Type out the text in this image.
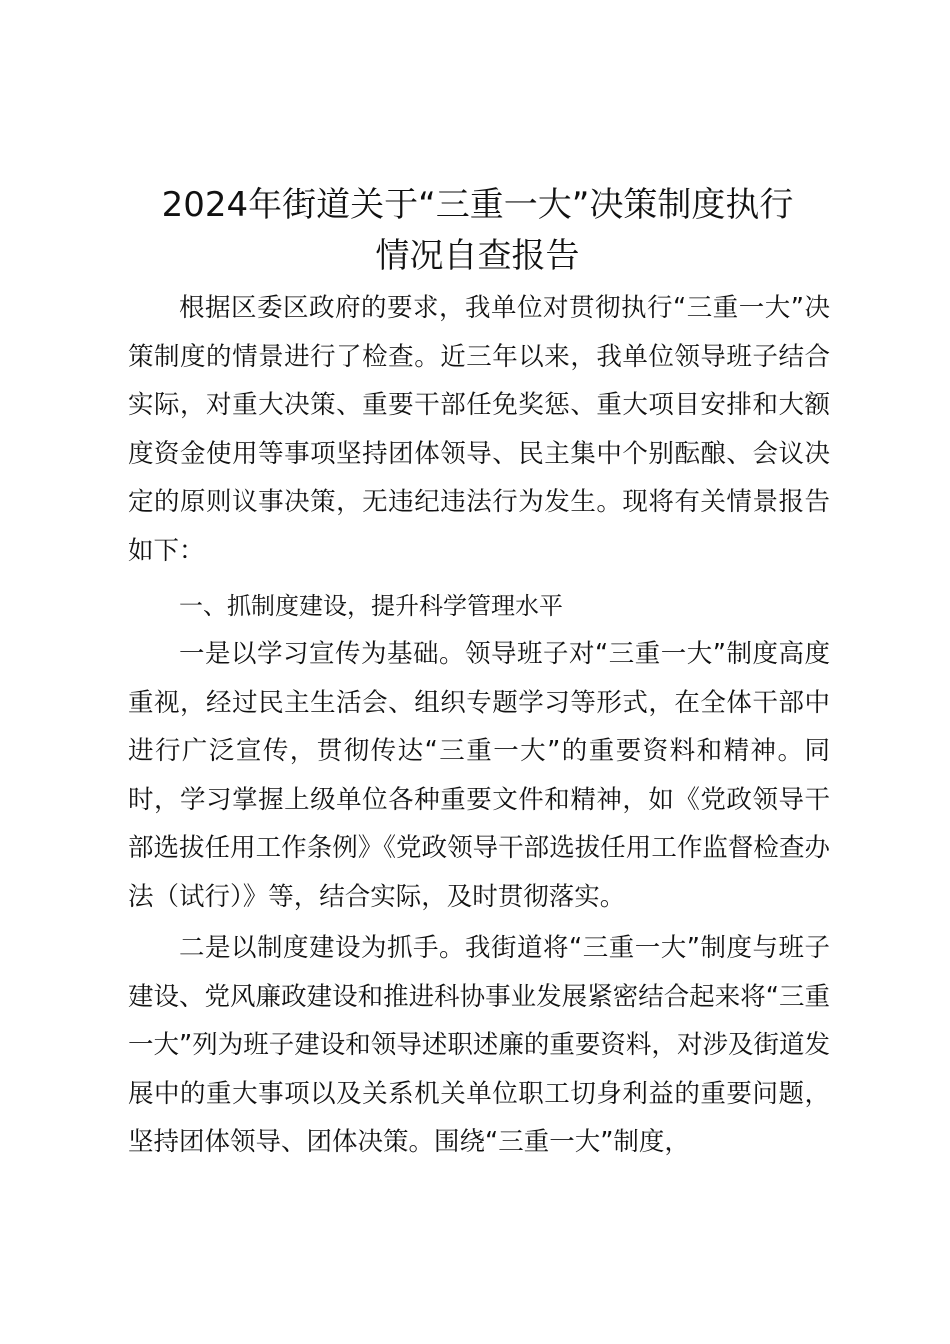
2024年街道关于“三重一大”决策制度执行
情况自查报告

根据区委区政府的要求，我单位对贯彻执行“三重一大”决策制度的情景进行了检查。近三年以来，我单位领导班子结合实际，对重大决策、重要干部任免奖惩、重大项目安排和大额度资金使用等事项坚持团体领导、民主集中个别酝酿、会议决定的原则议事决策，无违纪违法行为发生。现将有关情景报告如下：

一、抓制度建设，提升科学管理水平

一是以学习宣传为基础。领导班子对“三重一大”制度高度重视，经过民主生活会、组织专题学习等形式，在全体干部中进行广泛宣传，贯彻传达“三重一大”的重要资料和精神。同时，学习掌握上级单位各种重要文件和精神，如《党政领导干部选拔任用工作条例》《党政领导干部选拔任用工作监督检查办法（试行）》等，结合实际，及时贯彻落实。

二是以制度建设为抓手。我街道将“三重一大”制度与班子建设、党风廉政建设和推进科协事业发展紧密结合起来将“三重一大”列为班子建设和领导述职述廉的重要资料，对涉及街道发展中的重大事项以及关系机关单位职工切身利益的重要问题，坚持团体领导、团体决策。围绕“三重一大”制度，
